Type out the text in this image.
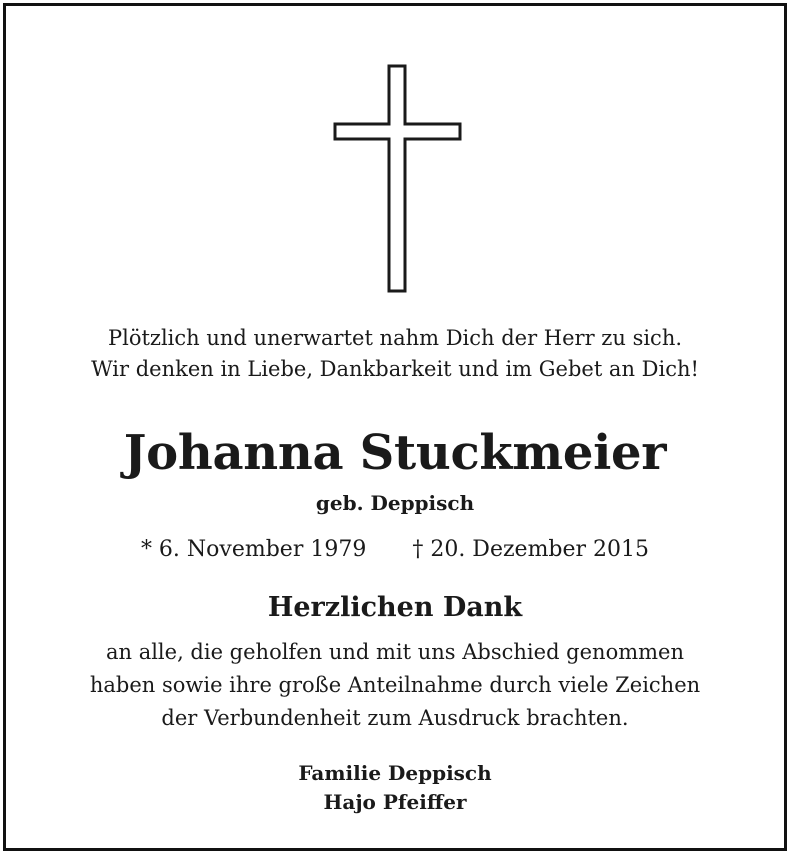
Plötzlich und unerwartet nahm Dich der Herr zu sich.
Wir denken in Liebe, Dankbarkeit und im Gebet an Dich!
Johanna Stuckmeier
geb. Deppisch
* 6. November 1979 † 20. Dezember 2015
Herzlichen Dank
an alle, die geholfen und mit uns Abschied genommen
haben sowie ihre große Anteilnahme durch viele Zeichen
der Verbundenheit zum Ausdruck brachten.
Familie Deppisch
Hajo Pfeiffer
